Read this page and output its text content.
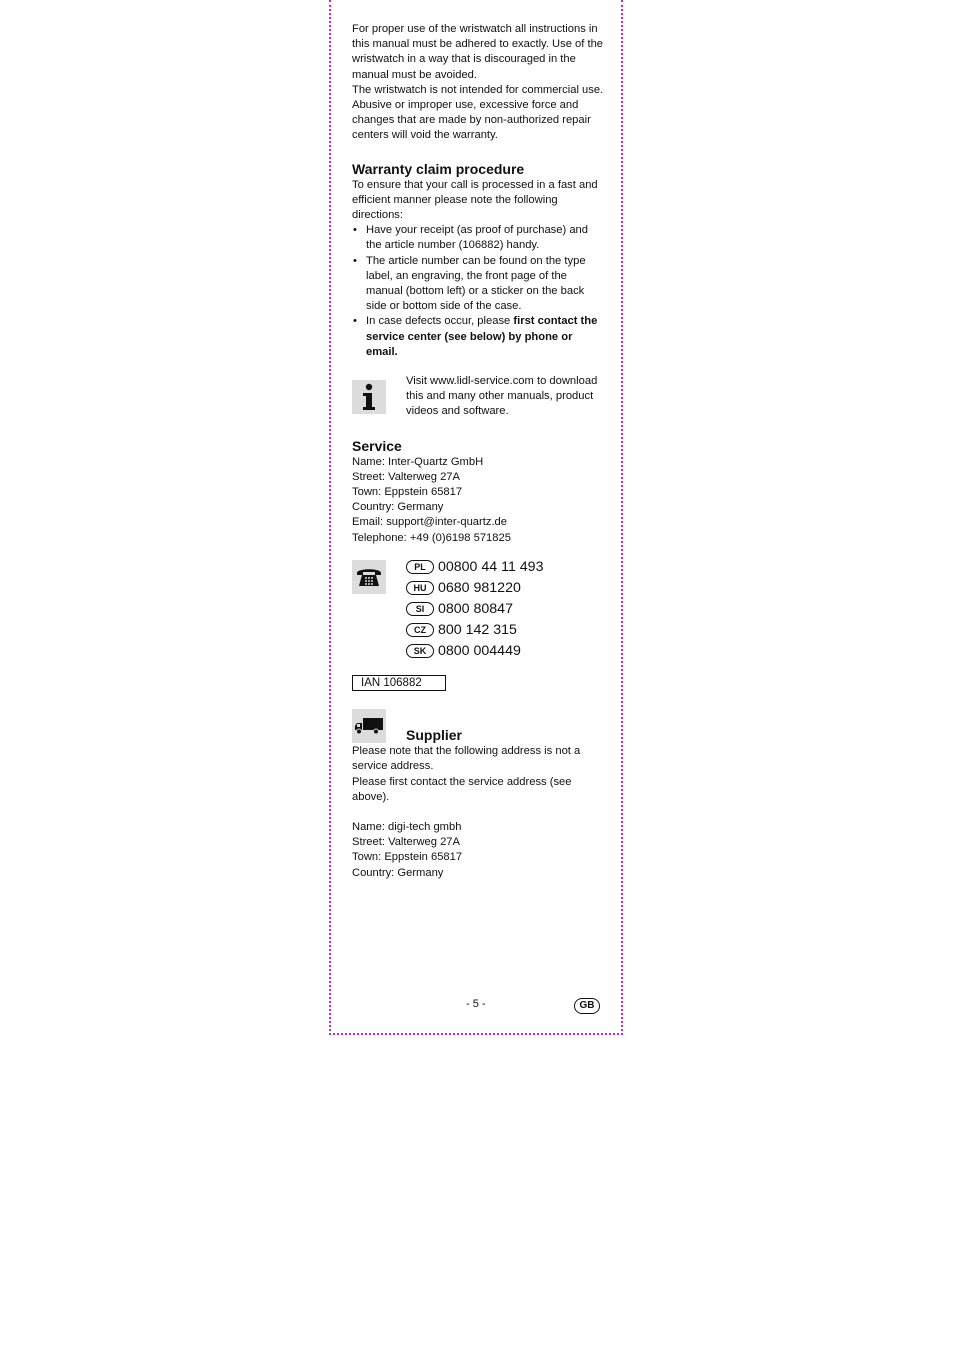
For proper use of the wristwatch all instructions in this manual must be adhered to exactly. Use of the wristwatch in a way that is discouraged in the manual must be avoided.

The wristwatch is not intended for commercial use. Abusive or improper use, excessive force and changes that are made by non-authorized repair centers will void the warranty.

Warranty claim procedure

To ensure that your call is processed in a fast and efficient manner please note the following directions:

• Have your receipt (as proof of purchase) and the article number (106882) handy.
• The article number can be found on the type label, an engraving, the front page of the manual (bottom left) or a sticker on the back side or bottom side of the case.
• In case defects occur, please first contact the service center (see below) by phone or email.

Visit www.lidl-service.com to download this and many other manuals, product videos and software.

Service

Name: Inter-Quartz GmbH

Street: Valterweg 27A

Town: Eppstein 65817

Country: Germany

Email: support@inter-quartz.de

Telephone: +49 (0)6198 571825

PL 00800 44 11 493
HU 0680 981220
SI 0800 80847
CZ 800 142 315
SK 0800 004449
IAN 106882
Supplier

Please note that the following address is not a service address.

Please first contact the service address (see above).

Name: digi-tech gmbh

Street: Valterweg 27A

Town: Eppstein 65817

Country: Germany

- 5 -	GB
